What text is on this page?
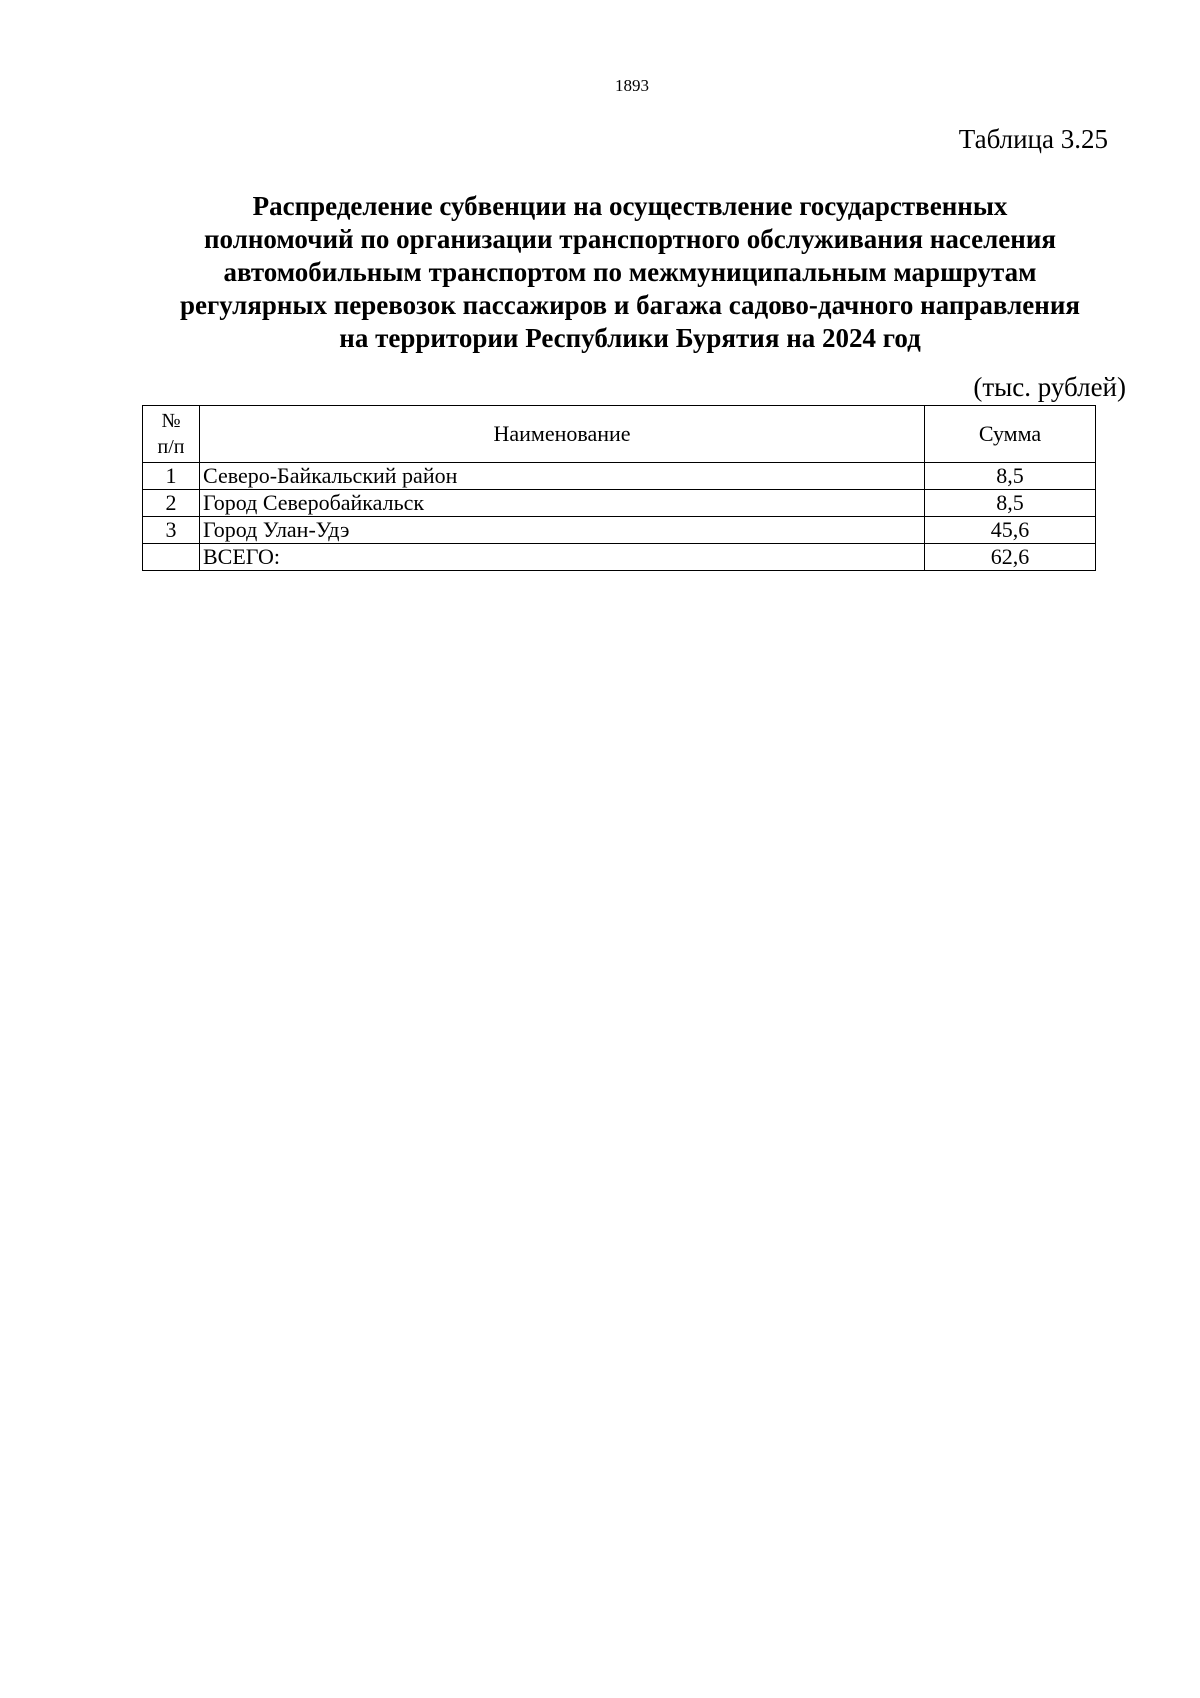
1893
Таблица 3.25
Распределение субвенции на осуществление государственных
полномочий по организации транспортного обслуживания населения
автомобильным транспортом по межмуниципальным маршрутам
регулярных перевозок пассажиров и багажа садово-дачного направления
на территории Республики Бурятия на 2024 год
(тыс. рублей)
№
п/п	Наименование	Сумма
1	Северо-Байкальский район	8,5
2	Город Северобайкальск	8,5
3	Город Улан-Удэ	45,6
	ВСЕГО:	62,6
